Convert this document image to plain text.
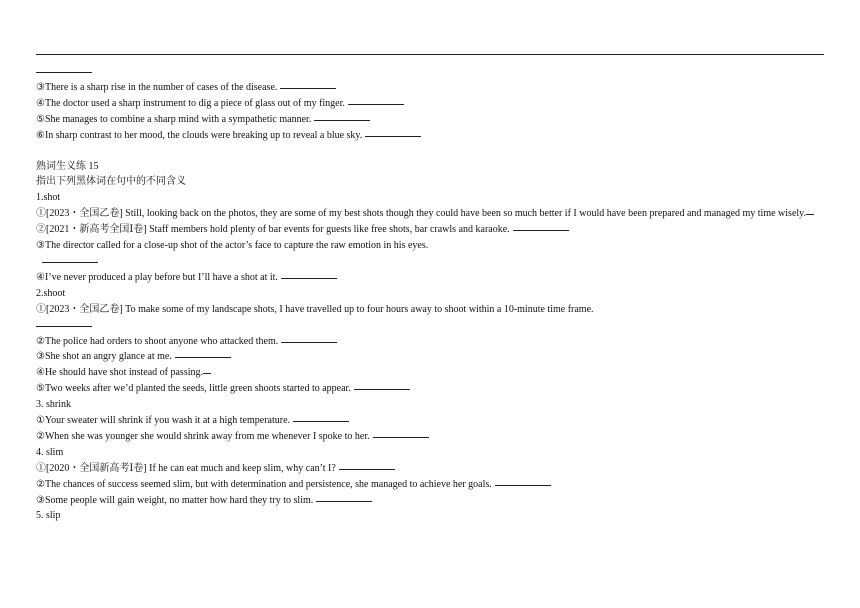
③There is a sharp rise in the number of cases of the disease.
④The doctor used a sharp instrument to dig a piece of glass out of my finger.
⑤She manages to combine a sharp mind with a sympathetic manner.
⑥In sharp contrast to her mood, the clouds were breaking up to reveal a blue sky.
熟词生义练 15
指出下列黑体词在句中的不同含义
1.shot
①[2023・全国乙卷] Still, looking back on the photos, they are some of my best shots though they could have been so much better if I would have been prepared and managed my time wisely.
②[2021・新高考全国Ⅰ卷] Staff members hold plenty of bar events for guests like free shots, bar crawls and karaoke.
③The director called for a close-up shot of the actor’s face to capture the raw emotion in his eyes.
④I’ve never produced a play before but I’ll have a shot at it.
2.shoot
①[2023・全国乙卷] To make some of my landscape shots, I have travelled up to four hours away to shoot within a 10-minute time frame.
②The police had orders to shoot anyone who attacked them.
③She shot an angry glance at me.
④He should have shot instead of passing.
⑤Two weeks after we’d planted the seeds, little green shoots started to appear.
3. shrink
①Your sweater will shrink if you wash it at a high temperature.
②When she was younger she would shrink away from me whenever I spoke to her.
4. slim
①[2020・全国新高考Ⅰ卷] If he can eat much and keep slim, why can’t I?
②The chances of success seemed slim, but with determination and persistence, she managed to achieve her goals.
③Some people will gain weight, no matter how hard they try to slim.
5. slip
